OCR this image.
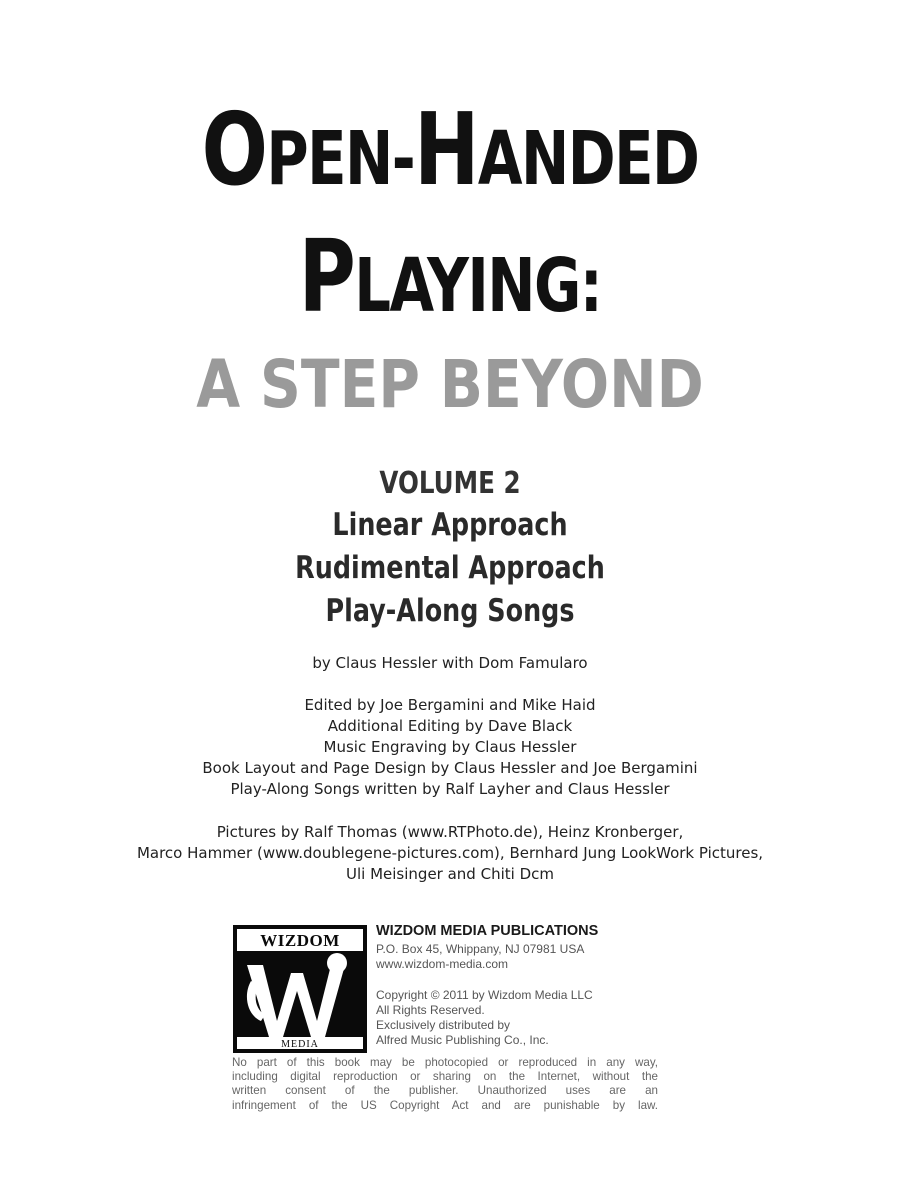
OPEN-HANDED
PLAYING:
A STEP BEYOND
VOLUME 2
Linear Approach
Rudimental Approach
Play-Along Songs
by Claus Hessler with Dom Famularo
Edited by Joe Bergamini and Mike Haid
Additional Editing by Dave Black
Music Engraving by Claus Hessler
Book Layout and Page Design by Claus Hessler and Joe Bergamini
Play-Along Songs written by Ralf Layher and Claus Hessler
Pictures by Ralf Thomas (www.RTPhoto.de), Heinz Kronberger,
Marco Hammer (www.doublegene-pictures.com), Bernhard Jung LookWork Pictures,
Uli Meisinger and Chiti Dcm
WIZDOM
MEDIA
WIZDOM MEDIA PUBLICATIONS
P.O. Box 45, Whippany, NJ 07981 USA
www.wizdom-media.com
Copyright © 2011 by Wizdom Media LLC
All Rights Reserved.
Exclusively distributed by
Alfred Music Publishing Co., Inc.
No part of this book may be photocopied or reproduced in any way,
including digital reproduction or sharing on the Internet, without the
written consent of the publisher. Unauthorized uses are an
infringement of the US Copyright Act and are punishable by law.
